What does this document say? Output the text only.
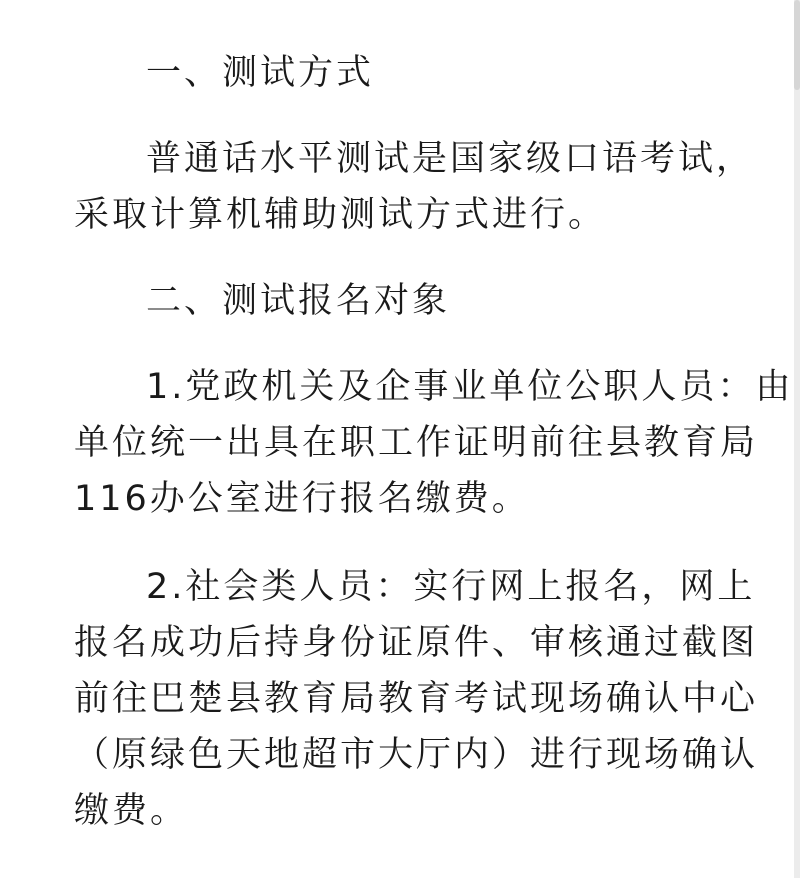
一、测试方式
普通话水平测试是国家级口语考试，
采取计算机辅助测试方式进行。
二、测试报名对象
1.党政机关及企事业单位公职人员：由
单位统一出具在职工作证明前往县教育局
116办公室进行报名缴费。
2.社会类人员：实行网上报名，网上
报名成功后持身份证原件、审核通过截图
前往巴楚县教育局教育考试现场确认中心
（原绿色天地超市大厅内）进行现场确认
缴费。
